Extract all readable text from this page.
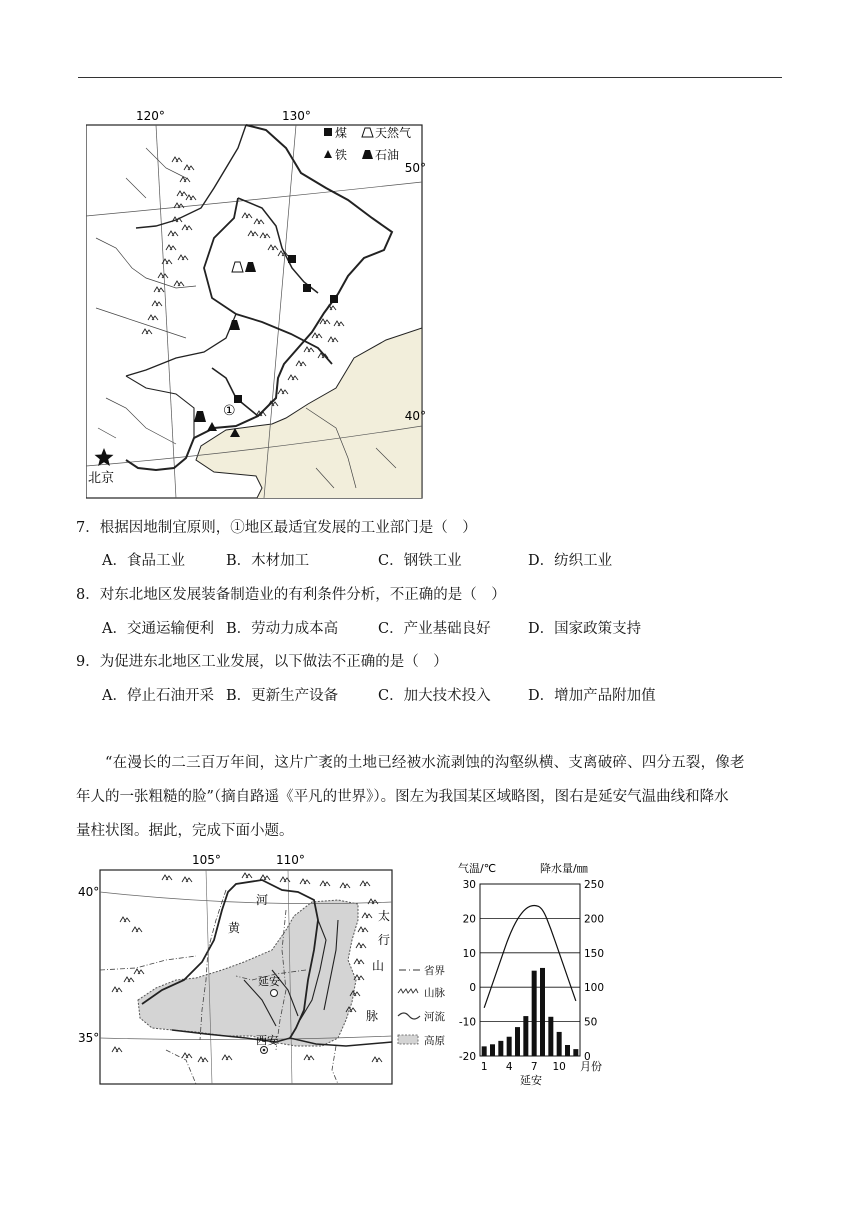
120°	130°
50°
40°
煤 天然气
铁 石油
①
北京
7．根据因地制宜原则，①地区最适宜发展的工业部门是（　）
A．食品工业	B．木材加工	C．钢铁工业	D．纺织工业
8．对东北地区发展装备制造业的有利条件分析，不正确的是（　）
A．交通运输便利 B．劳动力成本高	C．产业基础良好	D．国家政策支持
9．为促进东北地区工业发展，以下做法不正确的是（　）
A．停止石油开采 B．更新生产设备	C．加大技术投入	D．增加产品附加值
“在漫长的二三百万年间，这片广袤的土地已经被水流剥蚀的沟壑纵横、支离破碎、四分五裂，像老
年人的一张粗糙的脸”（摘自路遥《平凡的世界》）。图左为我国某区域略图，图右是延安气温曲线和降水
量柱状图。据此，完成下面小题。
105°	110°
40°
35°
河
黄
太
行
山
脉
延安
西安
省界
山脉
河流
高原
气温/℃	降水量/㎜
30
20
10
0
-10
-20
250
200
150
100
50
0
1 4 7 10 月份
延安
